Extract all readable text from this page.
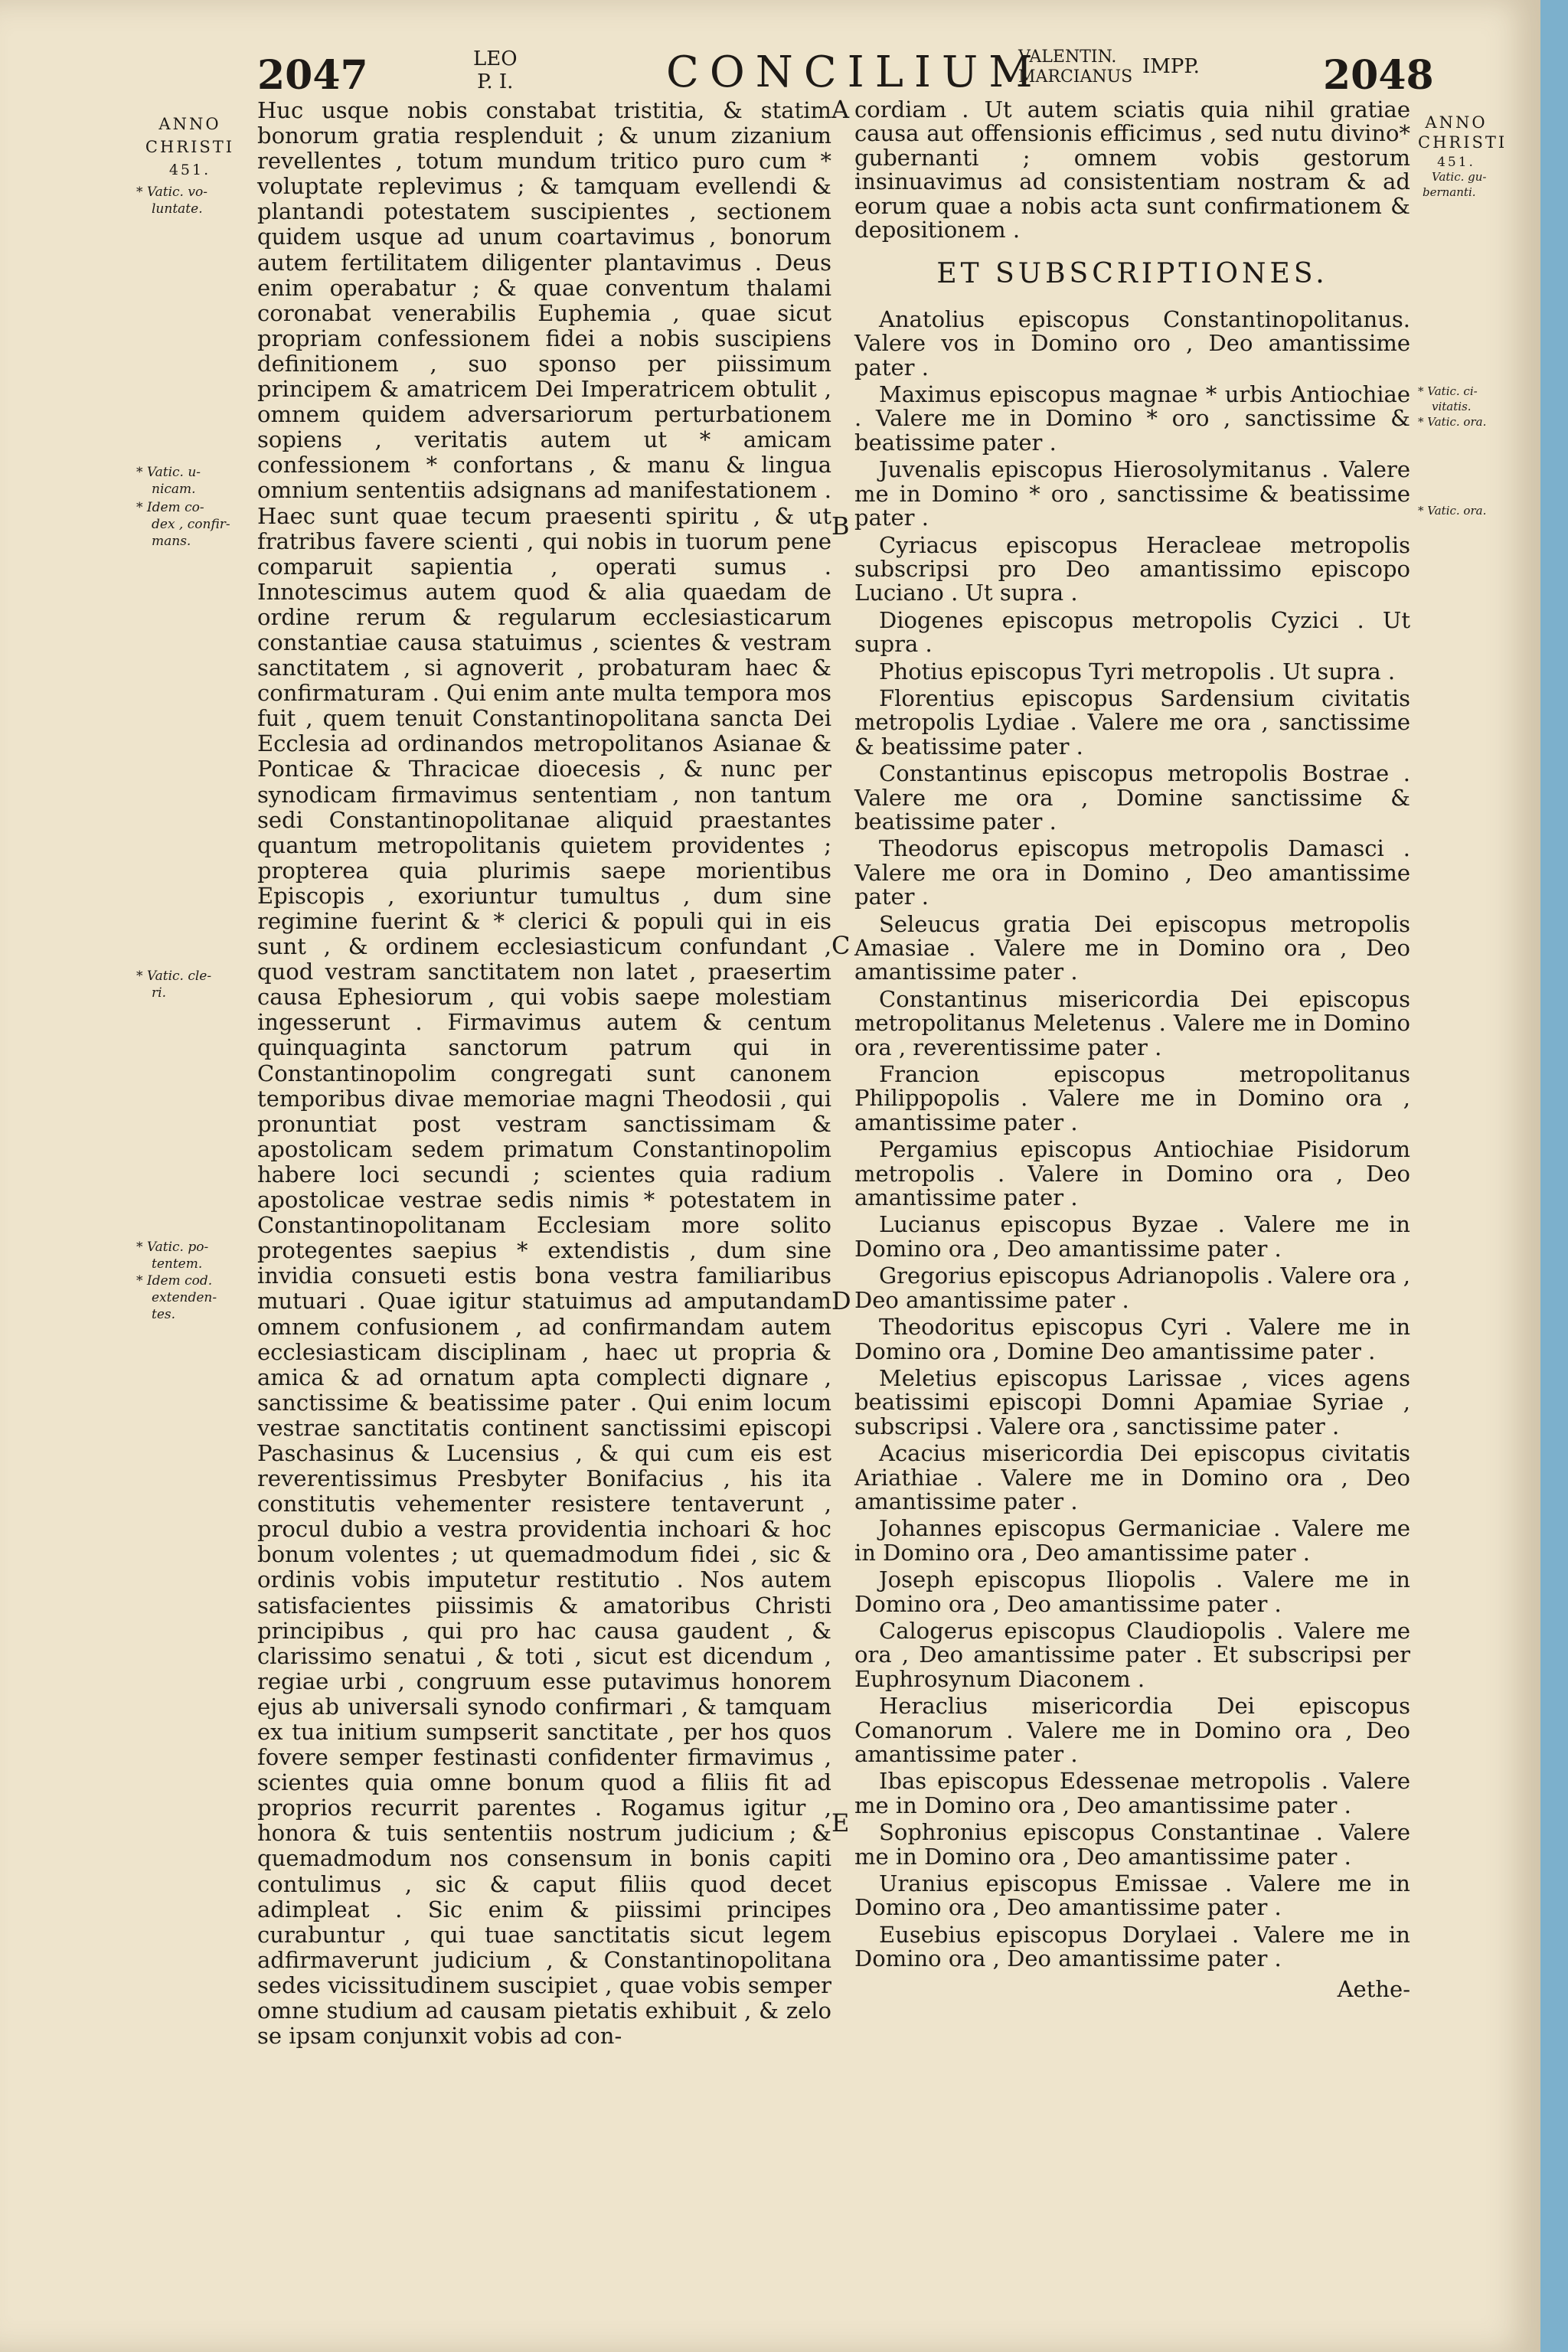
2047	LEO
P. I.	CONCILIUM
VALENTIN.
MARCIANUS IMPP.	2048
ANNO
CHRISTI
451.
* Vatic. vo-
luntate.
* Vatic. u-
nicam.
* Idem co-
dex , confir-
mans.
* Vatic. cle-
ri.
* Vatic. po-
tentem.
* Idem cod.
extenden-
tes.
ANNO
CHRISTI
451.
Vatic. gu-
bernanti.
* Vatic. ci-
vitatis.
* Vatic. ora.
* Vatic. ora.
A
B
C
D
E

Huc usque nobis constabat tristitia, & statim bonorum gratia resplenduit ; & unum zizanium revellentes , totum mundum tritico puro cum * voluptate replevimus ; & tamquam evellendi & plantandi potestatem suscipientes , sectionem quidem usque ad unum coartavimus , bonorum autem fertilitatem diligenter plantavimus . Deus enim operabatur ; & quae conventum thalami coronabat venerabilis Euphemia , quae sicut propriam confessionem fidei a nobis suscipiens definitionem , suo sponso per piissimum principem & amatricem Dei Imperatricem obtulit , omnem quidem adversariorum perturbationem sopiens , veritatis autem ut * amicam confessionem * confortans , & manu & lingua omnium sententiis adsignans ad manifestationem . Haec sunt quae tecum praesenti spiritu , & ut fratribus favere scienti , qui nobis in tuorum pene comparuit sapientia , operati sumus . Innotescimus autem quod & alia quaedam de ordine rerum & regularum ecclesiasticarum constantiae causa statuimus , scientes & vestram sanctitatem , si agnoverit , probaturam haec & confirmaturam . Qui enim ante multa tempora mos fuit , quem tenuit Constantinopolitana sancta Dei Ecclesia ad ordinandos metropolitanos Asianae & Ponticae & Thracicae dioecesis , & nunc per synodicam firmavimus sententiam , non tantum sedi Constantinopolitanae aliquid praestantes quantum metropolitanis quietem providentes ; propterea quia plurimis saepe morientibus Episcopis , exoriuntur tumultus , dum sine regimine fuerint & * clerici & populi qui in eis sunt , & ordinem ecclesiasticum confundant , quod vestram sanctitatem non latet , praesertim causa Ephesiorum , qui vobis saepe molestiam ingesserunt . Firmavimus autem & centum quinquaginta sanctorum patrum qui in Constantinopolim congregati sunt canonem temporibus divae memoriae magni Theodosii , qui pronuntiat post vestram sanctissimam & apostolicam sedem primatum Constantinopolim habere loci secundi ; scientes quia radium apostolicae vestrae sedis nimis * potestatem in Constantinopolitanam Ecclesiam more solito protegentes saepius * extendistis , dum sine invidia consueti estis bona vestra familiaribus mutuari . Quae igitur statuimus ad amputandam omnem confusionem , ad confirmandam autem ecclesiasticam disciplinam , haec ut propria & amica & ad ornatum apta complecti dignare , sanctissime & beatissime pater . Qui enim locum vestrae sanctitatis continent sanctissimi episcopi Paschasinus & Lucensius , & qui cum eis est reverentissimus Presbyter Bonifacius , his ita constitutis vehementer resistere tentaverunt , procul dubio a vestra providentia inchoari & hoc bonum volentes ; ut quemadmodum fidei , sic & ordinis vobis imputetur restitutio . Nos autem satisfacientes piissimis & amatoribus Christi principibus , qui pro hac causa gaudent , & clarissimo senatui , & toti , sicut est dicendum , regiae urbi , congruum esse putavimus honorem ejus ab universali synodo confirmari , & tamquam ex tua initium sumpserit sanctitate , per hos quos fovere semper festinasti confidenter firmavimus , scientes quia omne bonum quod a filiis fit ad proprios recurrit parentes . Rogamus igitur , honora & tuis sententiis nostrum judicium ; & quemadmodum nos consensum in bonis capiti contulimus , sic & caput filiis quod decet adimpleat . Sic enim & piissimi principes curabuntur , qui tuae sanctitatis sicut legem adfirmaverunt judicium , & Constantinopolitana sedes vicissitudinem suscipiet , quae vobis semper omne studium ad causam pietatis exhibuit , & zelo se ipsam conjunxit vobis ad con-

cordiam . Ut autem sciatis quia nihil gratiae causa aut offensionis efficimus , sed nutu divino* gubernanti ; omnem vobis gestorum insinuavimus ad consistentiam nostram & ad eorum quae a nobis acta sunt confirmationem & depositionem .

ET SUBSCRIPTIONES.

Anatolius episcopus Constantinopolitanus. Valere vos in Domino oro , Deo amantissime pater .

Maximus episcopus magnae * urbis Antiochiae . Valere me in Domino * oro , sanctissime & beatissime pater .

Juvenalis episcopus Hierosolymitanus . Valere me in Domino * oro , sanctissime & beatissime pater .

Cyriacus episcopus Heracleae metropolis subscripsi pro Deo amantissimo episcopo Luciano . Ut supra .

Diogenes episcopus metropolis Cyzici . Ut supra .

Photius episcopus Tyri metropolis . Ut supra .

Florentius episcopus Sardensium civitatis metropolis Lydiae . Valere me ora , sanctissime & beatissime pater .

Constantinus episcopus metropolis Bostrae . Valere me ora , Domine sanctissime & beatissime pater .

Theodorus episcopus metropolis Damasci . Valere me ora in Domino , Deo amantissime pater .

Seleucus gratia Dei episcopus metropolis Amasiae . Valere me in Domino ora , Deo amantissime pater .

Constantinus misericordia Dei episcopus metropolitanus Meletenus . Valere me in Domino ora , reverentissime pater .

Francion episcopus metropolitanus Philippopolis . Valere me in Domino ora , amantissime pater .

Pergamius episcopus Antiochiae Pisidorum metropolis . Valere in Domino ora , Deo amantissime pater .

Lucianus episcopus Byzae . Valere me in Domino ora , Deo amantissime pater .

Gregorius episcopus Adrianopolis . Valere ora , Deo amantissime pater .

Theodoritus episcopus Cyri . Valere me in Domino ora , Domine Deo amantissime pater .

Meletius episcopus Larissae , vices agens beatissimi episcopi Domni Apamiae Syriae , subscripsi . Valere ora , sanctissime pater .

Acacius misericordia Dei episcopus civitatis Ariathiae . Valere me in Domino ora , Deo amantissime pater .

Johannes episcopus Germaniciae . Valere me in Domino ora , Deo amantissime pater .

Joseph episcopus Iliopolis . Valere me in Domino ora , Deo amantissime pater .

Calogerus episcopus Claudiopolis . Valere me ora , Deo amantissime pater . Et subscripsi per Euphrosynum Diaconem .

Heraclius misericordia Dei episcopus Comanorum . Valere me in Domino ora , Deo amantissime pater .

Ibas episcopus Edessenae metropolis . Valere me in Domino ora , Deo amantissime pater .

Sophronius episcopus Constantinae . Valere me in Domino ora , Deo amantissime pater .

Uranius episcopus Emissae . Valere me in Domino ora , Deo amantissime pater .

Eusebius episcopus Dorylaei . Valere me in Domino ora , Deo amantissime pater .

Aethe-
